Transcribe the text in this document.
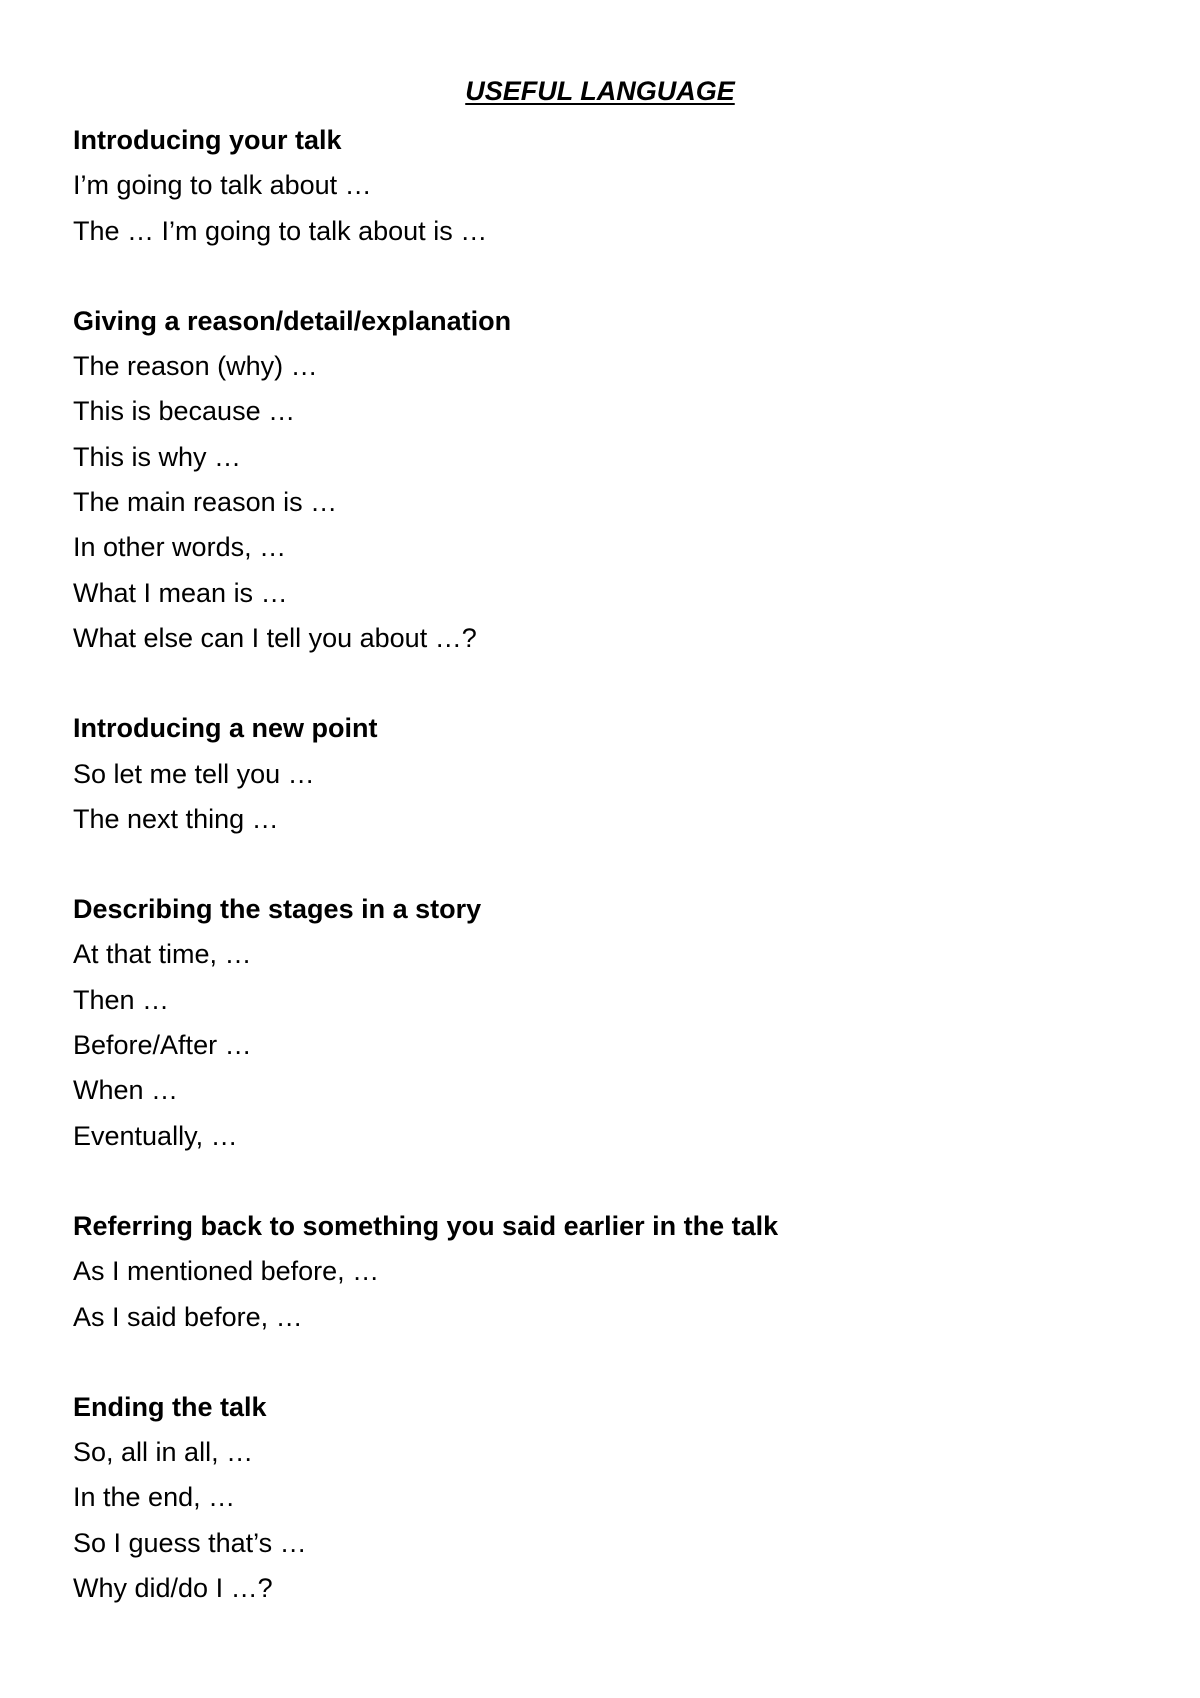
USEFUL LANGUAGE
Introducing your talk
I’m going to talk about …
The … I’m going to talk about is …
Giving a reason/detail/explanation
The reason (why) …
This is because …
This is why …
The main reason is …
In other words, …
What I mean is …
What else can I tell you about …?
Introducing a new point
So let me tell you …
The next thing …
Describing the stages in a story
At that time, …
Then …
Before/After …
When …
Eventually, …
Referring back to something you said earlier in the talk
As I mentioned before, …
As I said before, …
Ending the talk
So, all in all, …
In the end, …
So I guess that’s …
Why did/do I …?
